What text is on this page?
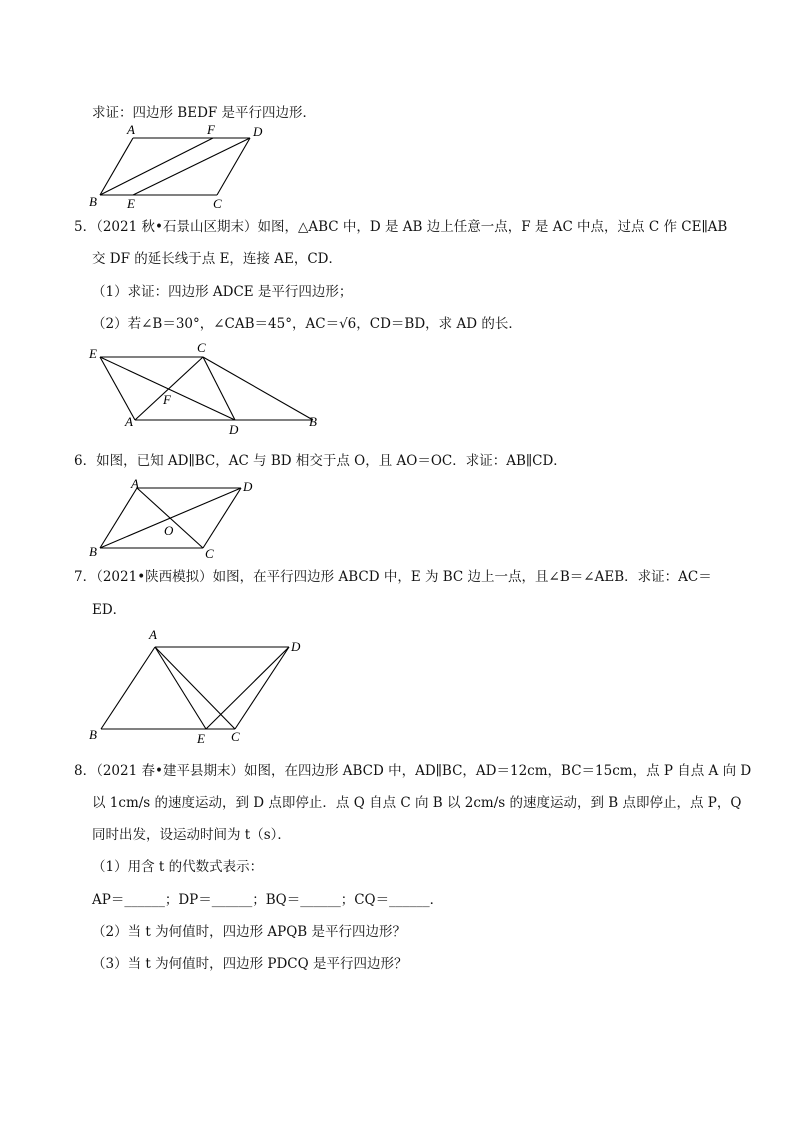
求证：四边形 BEDF 是平行四边形．
A	F	D
B E	C
5．（2021 秋•石景山区期末）如图，△ABC 中，D 是 AB 边上任意一点，F 是 AC 中点，过点 C 作 CE∥AB
交 DF 的延长线于点 E，连接 AE，CD．
（1）求证：四边形 ADCE 是平行四边形；
（2）若∠B＝30°，∠CAB＝45°，AC＝√6，CD＝BD，求 AD 的长．
E	C
F
A
D
B
6．如图，已知 AD∥BC，AC 与 BD 相交于点 O，且 AO＝OC．求证：AB∥CD．
A	D
O
B	C
7．（2021•陕西模拟）如图，在平行四边形 ABCD 中，E 为 BC 边上一点，且∠B＝∠AEB．求证：AC＝
ED．
A
D
B	E C
8．（2021 春•建平县期末）如图，在四边形 ABCD 中，AD∥BC，AD＝12cm，BC＝15cm，点 P 自点 A 向 D
以 1cm/s 的速度运动，到 D 点即停止．点 Q 自点 C 向 B 以 2cm/s 的速度运动，到 B 点即停止，点 P，Q
同时出发，设运动时间为 t（s）．
（1）用含 t 的代数式表示：
AP＝______；DP＝______；BQ＝______；CQ＝______．
（2）当 t 为何值时，四边形 APQB 是平行四边形？
（3）当 t 为何值时，四边形 PDCQ 是平行四边形？
